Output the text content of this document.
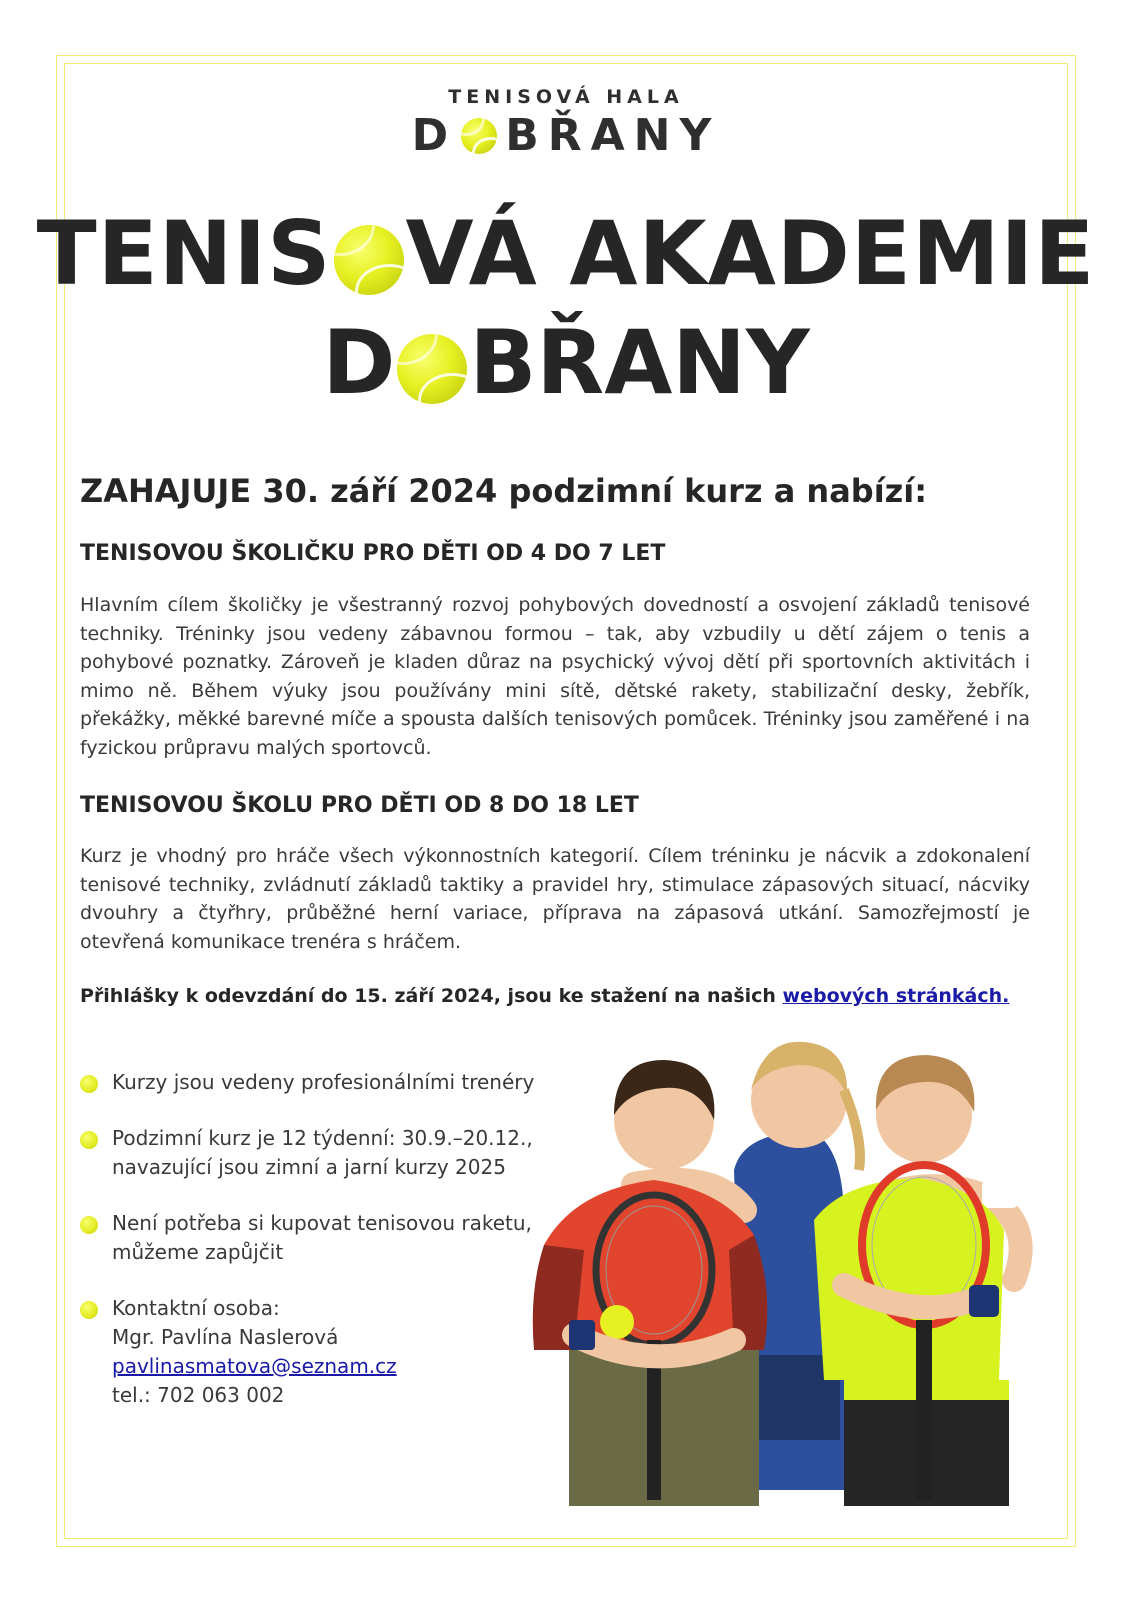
TENISOVÁ HALA
D BŘANY
TENIS VÁ AKADEMIE
D BŘANY
ZAHAJUJE 30. září 2024 podzimní kurz a nabízí:
TENISOVOU ŠKOLIČKU PRO DĚTI OD 4 DO 7 LET
Hlavním cílem školičky je všestranný rozvoj pohybových dovedností a osvojení základů tenisové techniky. Tréninky jsou vedeny zábavnou formou – tak, aby vzbudily u dětí zájem o tenis a pohybové poznatky. Zároveň je kladen důraz na psychický vývoj dětí při sportovních aktivitách i mimo ně. Během výuky jsou používány mini sítě, dětské rakety, stabilizační desky, žebřík, překážky, měkké barevné míče a spousta dalších tenisových pomůcek. Tréninky jsou zaměřené i na fyzickou průpravu malých sportovců.
TENISOVOU ŠKOLU PRO DĚTI OD 8 DO 18 LET
Kurz je vhodný pro hráče všech výkonnostních kategorií. Cílem tréninku je nácvik a zdokonalení tenisové techniky, zvládnutí základů taktiky a pravidel hry, stimulace zápasových situací, nácviky dvouhry a čtyřhry, průběžné herní variace, příprava na zápasová utkání. Samozřejmostí je otevřená komunikace trenéra s hráčem.
Přihlášky k odevzdání do 15. září 2024, jsou ke stažení na našich webových stránkách.
Kurzy jsou vedeny profesionálními trenéry
Podzimní kurz je 12 týdenní: 30.9.–20.12.,
navazující jsou zimní a jarní kurzy 2025
Není potřeba si kupovat tenisovou raketu,
můžeme zapůjčit
Kontaktní osoba:
Mgr. Pavlína Naslerová
pavlinasmatova@seznam.cz
tel.: 702 063 002
